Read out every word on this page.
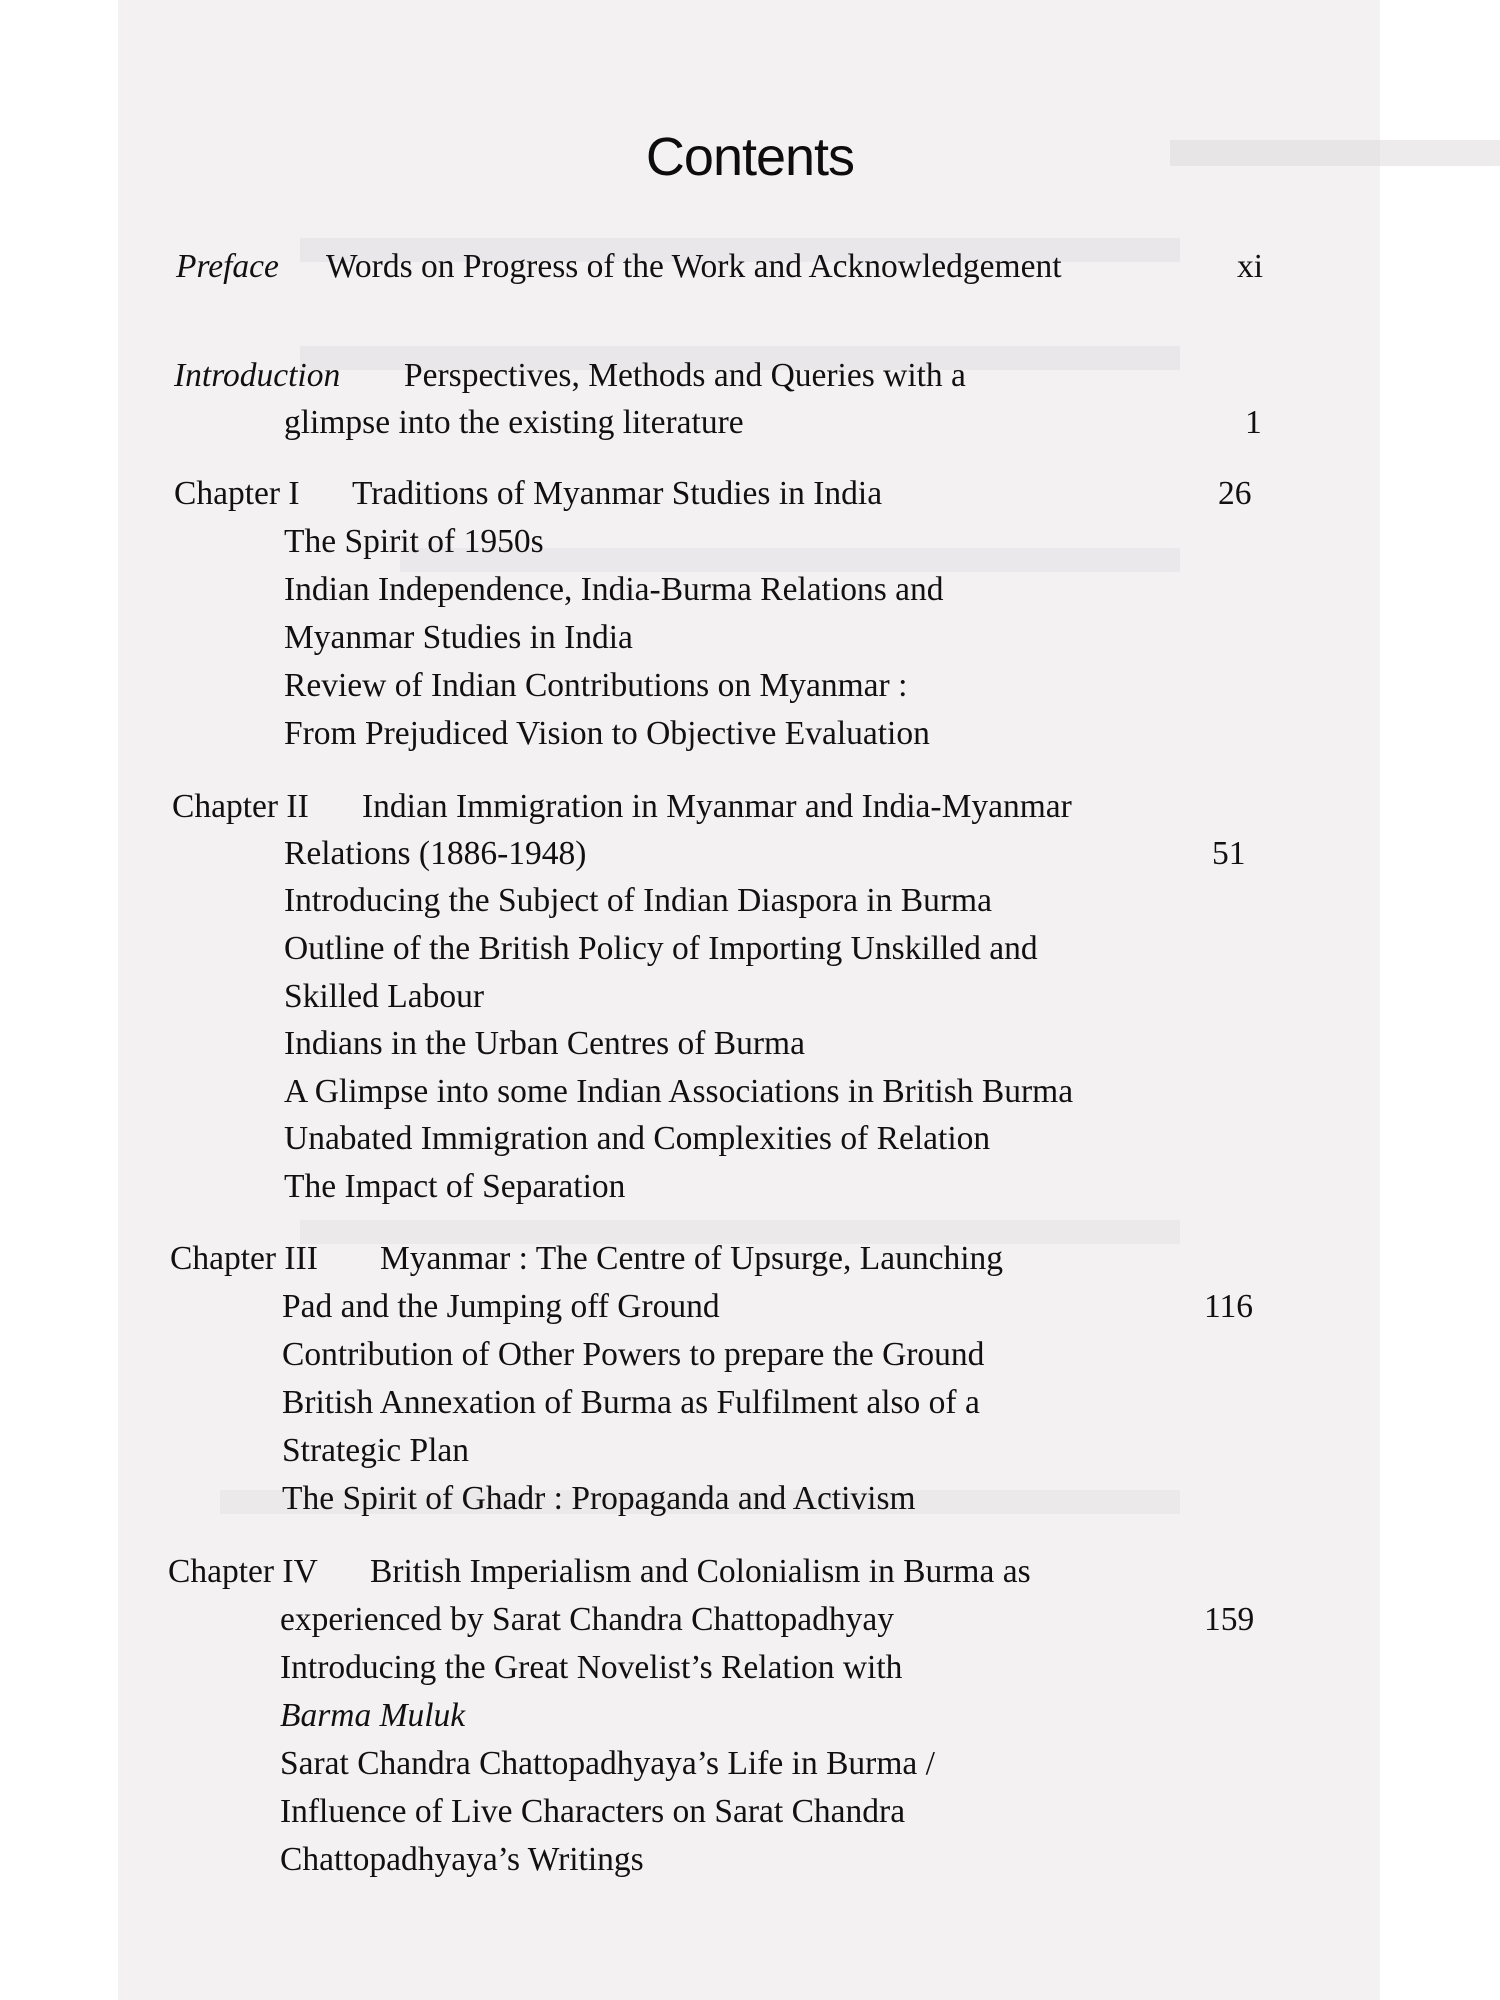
Contents
Preface Words on Progress of the Work and Acknowledgement	xi
Introduction Perspectives, Methods and Queries with a
glimpse into the existing literature	1
Chapter I Traditions of Myanmar Studies in India	26
The Spirit of 1950s
Indian Independence, India-Burma Relations and
Myanmar Studies in India
Review of Indian Contributions on Myanmar :
From Prejudiced Vision to Objective Evaluation
Chapter II Indian Immigration in Myanmar and India-Myanmar
Relations (1886-1948)	51
Introducing the Subject of Indian Diaspora in Burma
Outline of the British Policy of Importing Unskilled and
Skilled Labour
Indians in the Urban Centres of Burma
A Glimpse into some Indian Associations in British Burma
Unabated Immigration and Complexities of Relation
The Impact of Separation
Chapter III Myanmar : The Centre of Upsurge, Launching
Pad and the Jumping off Ground	116
Contribution of Other Powers to prepare the Ground
British Annexation of Burma as Fulfilment also of a
Strategic Plan
The Spirit of Ghadr : Propaganda and Activism
Chapter IV British Imperialism and Colonialism in Burma as
experienced by Sarat Chandra Chattopadhyay	159
Introducing the Great Novelist’s Relation with
Barma Muluk
Sarat Chandra Chattopadhyaya’s Life in Burma /
Influence of Live Characters on Sarat Chandra
Chattopadhyaya’s Writings
